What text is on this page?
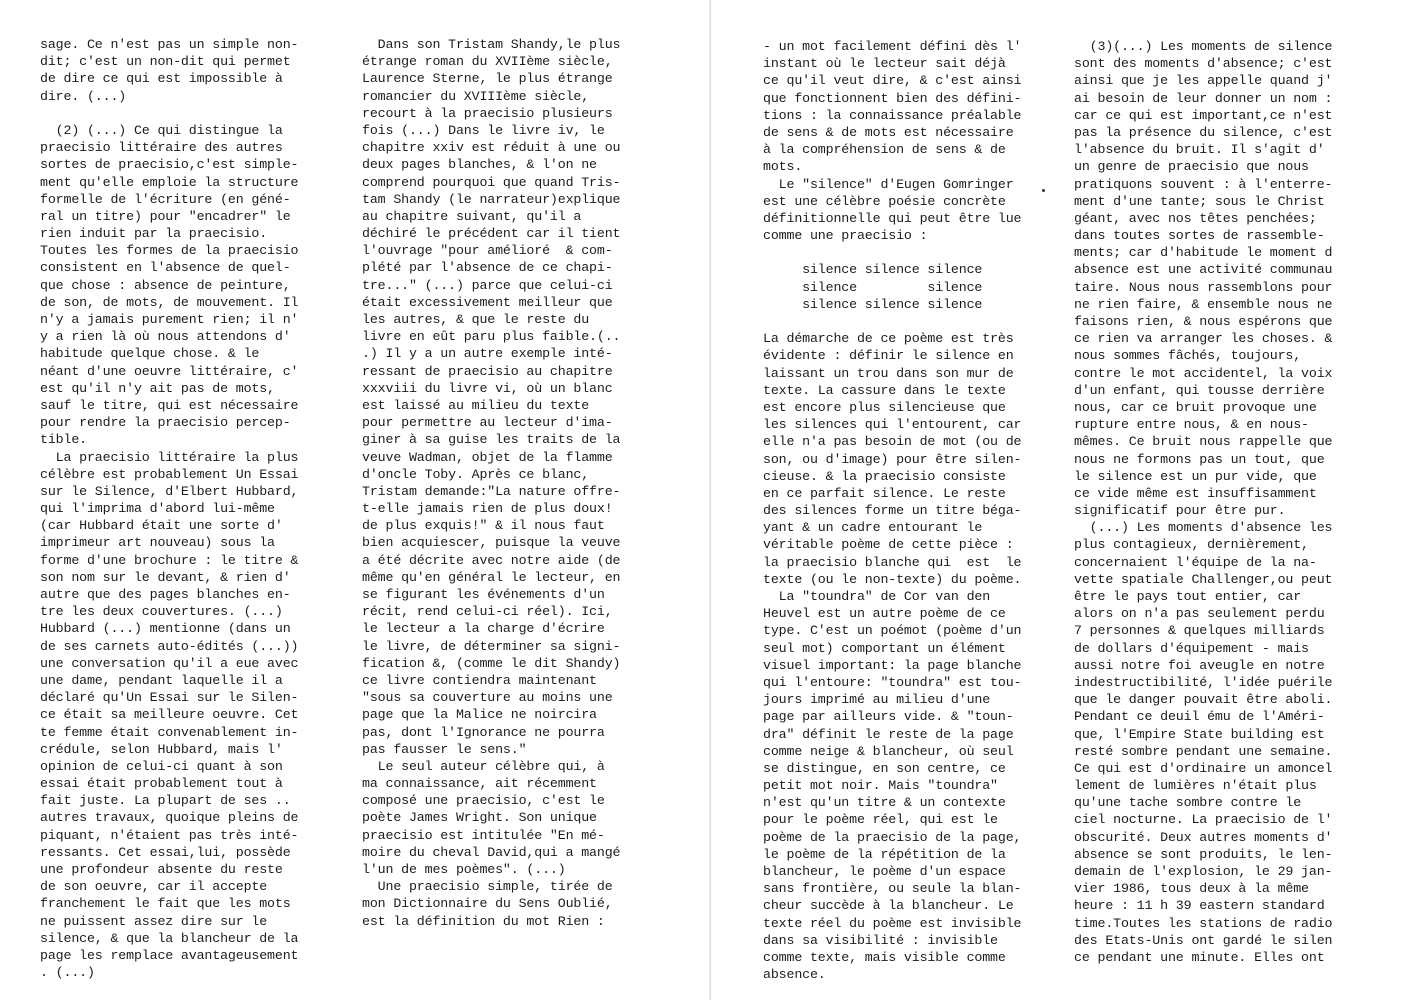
sage. Ce n'est pas un simple non-
dit; c'est un non-dit qui permet
de dire ce qui est impossible à
dire. (...)
(2) (...) Ce qui distingue la
praecisio littéraire des autres
sortes de praecisio,c'est simple-
ment qu'elle emploie la structure
formelle de l'écriture (en géné-
ral un titre) pour "encadrer" le
rien induit par la praecisio.
Toutes les formes de la praecisio
consistent en l'absence de quel-
que chose : absence de peinture,
de son, de mots, de mouvement. Il
n'y a jamais purement rien; il n'
y a rien là où nous attendons d'
habitude quelque chose. & le
néant d'une oeuvre littéraire, c'
est qu'il n'y ait pas de mots,
sauf le titre, qui est nécessaire
pour rendre la praecisio percep-
tible.
La praecisio littéraire la plus
célèbre est probablement Un Essai
sur le Silence, d'Elbert Hubbard,
qui l'imprima d'abord lui-même
(car Hubbard était une sorte d'
imprimeur art nouveau) sous la
forme d'une brochure : le titre &
son nom sur le devant, & rien d'
autre que des pages blanches en-
tre les deux couvertures. (...)
Hubbard (...) mentionne (dans un
de ses carnets auto-édités (...))
une conversation qu'il a eue avec
une dame, pendant laquelle il a
déclaré qu'Un Essai sur le Silen-
ce était sa meilleure oeuvre. Cet
te femme était convenablement in-
crédule, selon Hubbard, mais l'
opinion de celui-ci quant à son
essai était probablement tout à
fait juste. La plupart de ses ..
autres travaux, quoique pleins de
piquant, n'étaient pas très inté-
ressants. Cet essai,lui, possède
une profondeur absente du reste
de son oeuvre, car il accepte
franchement le fait que les mots
ne puissent assez dire sur le
silence, & que la blancheur de la
page les remplace avantageusement
. (...)
Dans son Tristam Shandy,le plus
étrange roman du XVIIème siècle,
Laurence Sterne, le plus étrange
romancier du XVIIIème siècle,
recourt à la praecisio plusieurs
fois (...) Dans le livre iv, le
chapitre xxiv est réduit à une ou
deux pages blanches, & l'on ne
comprend pourquoi que quand Tris-
tam Shandy (le narrateur)explique
au chapitre suivant, qu'il a
déchiré le précédent car il tient
l'ouvrage "pour amélioré  & com-
plété par l'absence de ce chapi-
tre..." (...) parce que celui-ci
était excessivement meilleur que
les autres, & que le reste du
livre en eût paru plus faible.(..
.) Il y a un autre exemple inté-
ressant de praecisio au chapitre
xxxviii du livre vi, où un blanc
est laissé au milieu du texte
pour permettre au lecteur d'ima-
giner à sa guise les traits de la
veuve Wadman, objet de la flamme
d'oncle Toby. Après ce blanc,
Tristam demande:"La nature offre-
t-elle jamais rien de plus doux!
de plus exquis!" & il nous faut
bien acquiescer, puisque la veuve
a été décrite avec notre aide (de
même qu'en général le lecteur, en
se figurant les événements d'un
récit, rend celui-ci réel). Ici,
le lecteur a la charge d'écrire
le livre, de déterminer sa signi-
fication &, (comme le dit Shandy)
ce livre contiendra maintenant
"sous sa couverture au moins une
page que la Malice ne noircira
pas, dont l'Ignorance ne pourra
pas fausser le sens."
Le seul auteur célèbre qui, à
ma connaissance, ait récemment
composé une praecisio, c'est le
poète James Wright. Son unique
praecisio est intitulée "En mé-
moire du cheval David,qui a mangé
l'un de mes poèmes". (...)
Une praecisio simple, tirée de
mon Dictionnaire du Sens Oublié,
est la définition du mot Rien :
- un mot facilement défini dès l'
instant où le lecteur sait déjà
ce qu'il veut dire, & c'est ainsi
que fonctionnent bien des défini-
tions : la connaissance préalable
de sens & de mots est nécessaire
à la compréhension de sens & de
mots.
Le "silence" d'Eugen Gomringer
est une célèbre poésie concrète
définitionnelle qui peut être lue
comme une praecisio :
silence silence silence
silence         silence
silence silence silence
La démarche de ce poème est très
évidente : définir le silence en
laissant un trou dans son mur de
texte. La cassure dans le texte
est encore plus silencieuse que
les silences qui l'entourent, car
elle n'a pas besoin de mot (ou de
son, ou d'image) pour être silen-
cieuse. & la praecisio consiste
en ce parfait silence. Le reste
des silences forme un titre béga-
yant & un cadre entourant le
véritable poème de cette pièce :
la praecisio blanche qui  est  le
texte (ou le non-texte) du poème.
La "toundra" de Cor van den
Heuvel est un autre poème de ce
type. C'est un poémot (poème d'un
seul mot) comportant un élément
visuel important: la page blanche
qui l'entoure: "toundra" est tou-
jours imprimé au milieu d'une
page par ailleurs vide. & "toun-
dra" définit le reste de la page
comme neige & blancheur, où seul
se distingue, en son centre, ce
petit mot noir. Mais "toundra"
n'est qu'un titre & un contexte
pour le poème réel, qui est le
poème de la praecisio de la page,
le poème de la répétition de la
blancheur, le poème d'un espace
sans frontière, ou seule la blan-
cheur succède à la blancheur. Le
texte réel du poème est invisible
dans sa visibilité : invisible
comme texte, mais visible comme
absence.
(3)(...) Les moments de silence
sont des moments d'absence; c'est
ainsi que je les appelle quand j'
ai besoin de leur donner un nom :
car ce qui est important,ce n'est
pas la présence du silence, c'est
l'absence du bruit. Il s'agit d'
un genre de praecisio que nous
pratiquons souvent : à l'enterre-
ment d'une tante; sous le Christ
géant, avec nos têtes penchées;
dans toutes sortes de rassemble-
ments; car d'habitude le moment d
absence est une activité communau
taire. Nous nous rassemblons pour
ne rien faire, & ensemble nous ne
faisons rien, & nous espérons que
ce rien va arranger les choses. &
nous sommes fâchés, toujours,
contre le mot accidentel, la voix
d'un enfant, qui tousse derrière
nous, car ce bruit provoque une
rupture entre nous, & en nous-
mêmes. Ce bruit nous rappelle que
nous ne formons pas un tout, que
le silence est un pur vide, que
ce vide même est insuffisamment
significatif pour être pur.
(...) Les moments d'absence les
plus contagieux, dernièrement,
concernaient l'équipe de la na-
vette spatiale Challenger,ou peut
être le pays tout entier, car
alors on n'a pas seulement perdu
7 personnes & quelques milliards
de dollars d'équipement - mais
aussi notre foi aveugle en notre
indestructibilité, l'idée puérile
que le danger pouvait être aboli.
Pendant ce deuil ému de l'Améri-
que, l'Empire State building est
resté sombre pendant une semaine.
Ce qui est d'ordinaire un amoncel
lement de lumières n'était plus
qu'une tache sombre contre le
ciel nocturne. La praecisio de l'
obscurité. Deux autres moments d'
absence se sont produits, le len-
demain de l'explosion, le 29 jan-
vier 1986, tous deux à la même
heure : 11 h 39 eastern standard
time.Toutes les stations de radio
des Etats-Unis ont gardé le silen
ce pendant une minute. Elles ont
